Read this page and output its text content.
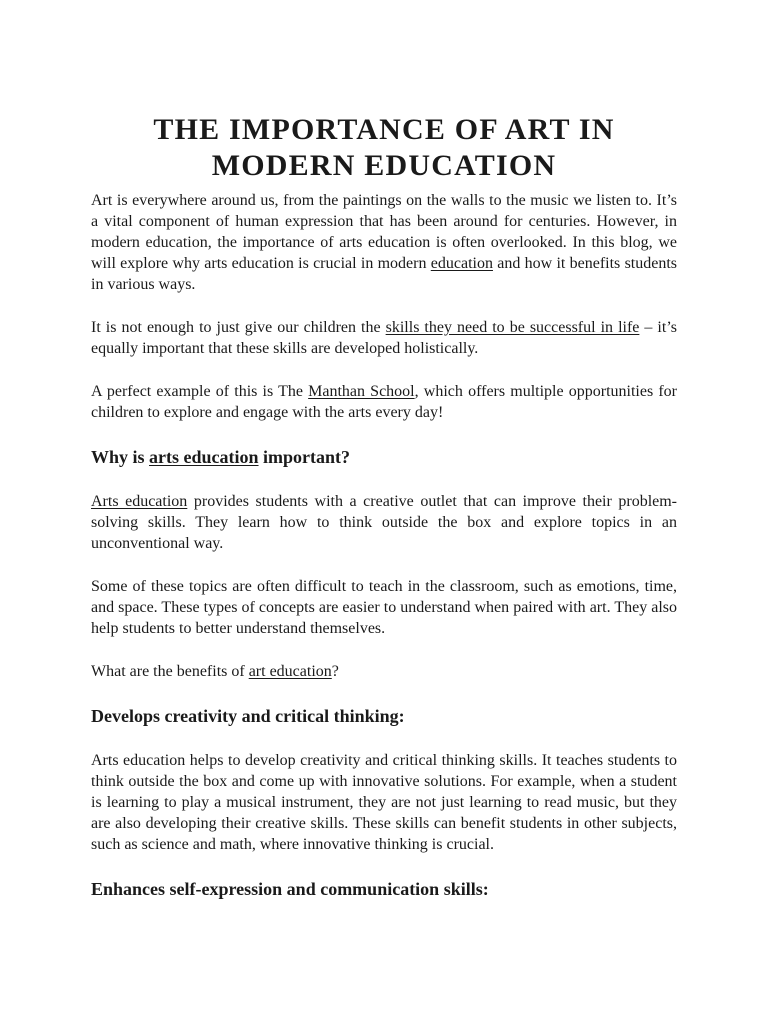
THE IMPORTANCE OF ART IN
MODERN EDUCATION

Art is everywhere around us, from the paintings on the walls to the music we listen to. It’s a vital component of human expression that has been around for centuries. However, in modern education, the importance of arts education is often overlooked. In this blog, we will explore why arts education is crucial in modern education and how it benefits students in various ways.

It is not enough to just give our children the skills they need to be successful in life – it’s equally important that these skills are developed holistically.

A perfect example of this is The Manthan School, which offers multiple opportunities for children to explore and engage with the arts every day!

Why is arts education important?

Arts education provides students with a creative outlet that can improve their problem-solving skills. They learn how to think outside the box and explore topics in an unconventional way.

Some of these topics are often difficult to teach in the classroom, such as emotions, time, and space. These types of concepts are easier to understand when paired with art. They also help students to better understand themselves.

What are the benefits of art education?

Develops creativity and critical thinking:

Arts education helps to develop creativity and critical thinking skills. It teaches students to think outside the box and come up with innovative solutions. For example, when a student is learning to play a musical instrument, they are not just learning to read music, but they are also developing their creative skills. These skills can benefit students in other subjects, such as science and math, where innovative thinking is crucial.

Enhances self-expression and communication skills:
